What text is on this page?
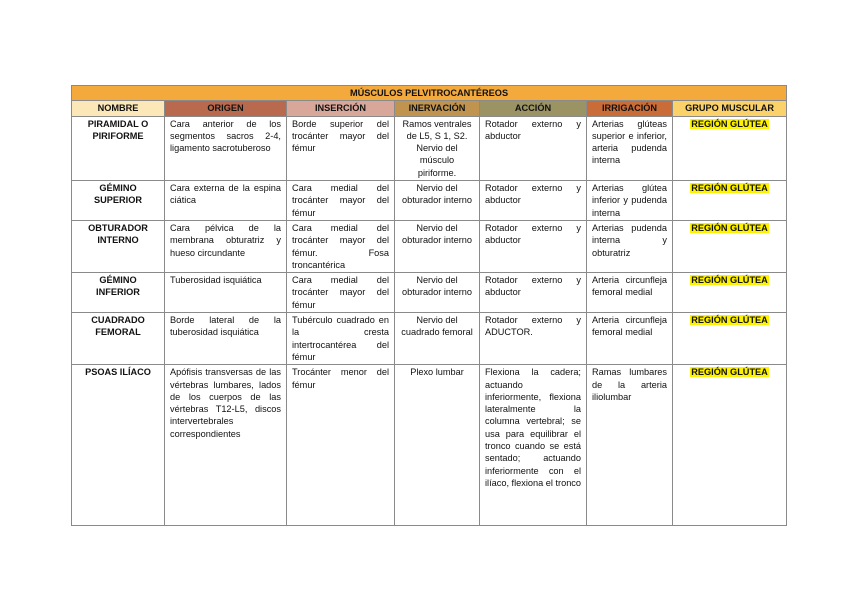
MÚSCULOS PELVITROCANTÉREOS						
NOMBRE	ORIGEN	INSERCIÓN	INERVACIÓN	ACCIÓN	IRRIGACIÓN	GRUPO MUSCULAR
PIRAMIDAL O PIRIFORME	Cara anterior de los segmentos sacros 2-4, ligamento sacrotuberoso	Borde superior del trocánter mayor del fémur	Ramos ventrales de L5, S 1, S2. Nervio del músculo piriforme.	Rotador externo y abductor	Arterias glúteas superior e inferior, arteria pudenda interna	REGIÓN GLÚTEA
GÉMINO SUPERIOR	Cara externa de la espina ciática	Cara medial del trocánter mayor del fémur	Nervio del obturador interno	Rotador externo y abductor	Arterias glútea inferior y pudenda interna	REGIÓN GLÚTEA
OBTURADOR INTERNO	Cara pélvica de la membrana obturatriz y hueso circundante	Cara medial del trocánter mayor del fémur. Fosa troncantérica	Nervio del obturador interno	Rotador externo y abductor	Arterias pudenda interna y obturatriz	REGIÓN GLÚTEA
GÉMINO INFERIOR	Tuberosidad isquiática	Cara medial del trocánter mayor del fémur	Nervio del obturador interno	Rotador externo y abductor	Arteria circunfleja femoral medial	REGIÓN GLÚTEA
CUADRADO FEMORAL	Borde lateral de la tuberosidad isquiática	Tubérculo cuadrado en la cresta intertrocantérea del fémur	Nervio del cuadrado femoral	Rotador externo y ADUCTOR.	Arteria circunfleja femoral medial	REGIÓN GLÚTEA
PSOAS ILÍACO	Apófisis transversas de las vértebras lumbares, lados de los cuerpos de las vértebras T12-L5, discos intervertebrales correspondientes	Trocánter menor del fémur	Plexo lumbar	Flexiona la cadera; actuando inferiormente, flexiona lateralmente la columna vertebral; se usa para equilibrar el tronco cuando se está sentado; actuando inferiormente con el ilíaco, flexiona el tronco	Ramas lumbares de la arteria iliolumbar	REGIÓN GLÚTEA
